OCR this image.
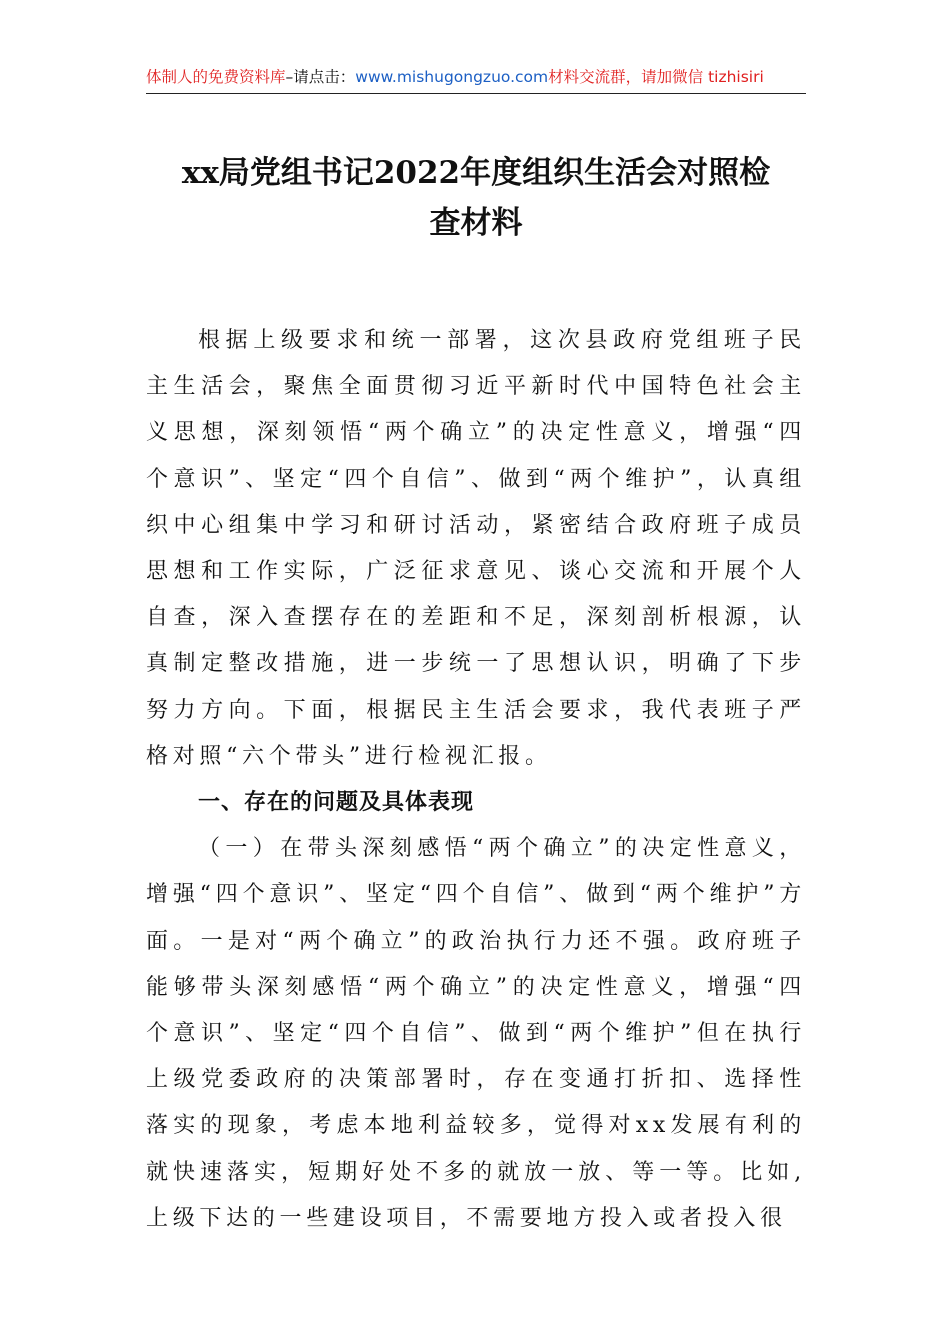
体制人的免费资料库–请点击：www.mishugongzuo.com材料交流群，请加微信 tizhisiri
xx局党组书记2022年度组织生活会对照检
查材料

根据上级要求和统一部署，这次县政府党组班子民主生活会，聚焦全面贯彻习近平新时代中国特色社会主义思想，深刻领悟“两个确立”的决定性意义，增强“四个意识”、坚定“四个自信”、做到“两个维护”，认真组织中心组集中学习和研讨活动，紧密结合政府班子成员思想和工作实际，广泛征求意见、谈心交流和开展个人自查，深入查摆存在的差距和不足，深刻剖析根源，认真制定整改措施，进一步统一了思想认识，明确了下步努力方向。下面，根据民主生活会要求，我代表班子严格对照“六个带头”进行检视汇报。

一、存在的问题及具体表现

（一）在带头深刻感悟“两个确立”的决定性意义，增强“四个意识”、坚定“四个自信”、做到“两个维护”方面。一是对“两个确立”的政治执行力还不强。政府班子能够带头深刻感悟“两个确立”的决定性意义，增强“四个意识”、坚定“四个自信”、做到“两个维护”但在执行上级党委政府的决策部署时，存在变通打折扣、选择性落实的现象，考虑本地利益较多，觉得对xx发展有利的就快速落实，短期好处不多的就放一放、等一等。比如,上级下达的一些建设项目，不需要地方投入或者投入很
